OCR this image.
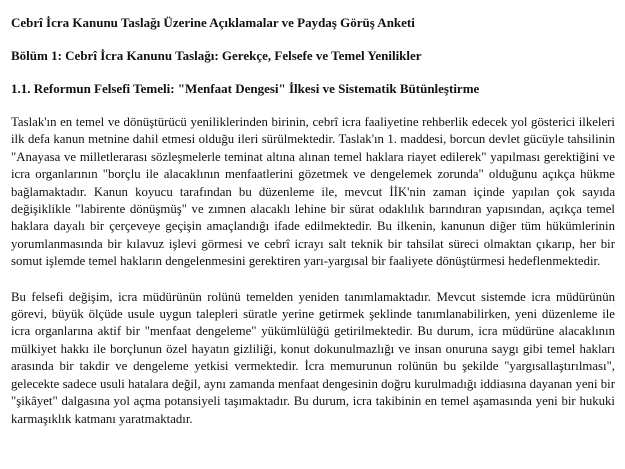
Cebrî İcra Kanunu Taslağı Üzerine Açıklamalar ve Paydaş Görüş Anketi
Bölüm 1: Cebrî İcra Kanunu Taslağı: Gerekçe, Felsefe ve Temel Yenilikler
1.1. Reformun Felsefi Temeli: "Menfaat Dengesi" İlkesi ve Sistematik Bütünleştirme

Taslak'ın en temel ve dönüştürücü yeniliklerinden birinin, cebrî icra faaliyetine rehberlik edecek yol gösterici ilkeleri ilk defa kanun metnine dahil etmesi olduğu ileri sürülmektedir. Taslak'ın 1. maddesi, borcun devlet gücüyle tahsilinin "Anayasa ve milletlerarası sözleşmelerle teminat altına alınan temel haklara riayet edilerek" yapılması gerektiğini ve icra organlarının "borçlu ile alacaklının menfaatlerini gözetmek ve dengelemek zorunda" olduğunu açıkça hükme bağlamaktadır. Kanun koyucu tarafından bu düzenleme ile, mevcut İİK'nin zaman içinde yapılan çok sayıda değişiklikle "labirente dönüşmüş" ve zımnen alacaklı lehine bir sürat odaklılık barındıran yapısından, açıkça temel haklara dayalı bir çerçeveye geçişin amaçlandığı ifade edilmektedir. Bu ilkenin, kanunun diğer tüm hükümlerinin yorumlanmasında bir kılavuz işlevi görmesi ve cebrî icrayı salt teknik bir tahsilat süreci olmaktan çıkarıp, her bir somut işlemde temel hakların dengelenmesini gerektiren yarı-yargısal bir faaliyete dönüştürmesi hedeflenmektedir.

Bu felsefi değişim, icra müdürünün rolünü temelden yeniden tanımlamaktadır. Mevcut sistemde icra müdürünün görevi, büyük ölçüde usule uygun talepleri süratle yerine getirmek şeklinde tanımlanabilirken, yeni düzenleme ile icra organlarına aktif bir "menfaat dengeleme" yükümlülüğü getirilmektedir. Bu durum, icra müdürüne alacaklının mülkiyet hakkı ile borçlunun özel hayatın gizliliği, konut dokunulmazlığı ve insan onuruna saygı gibi temel hakları arasında bir takdir ve dengeleme yetkisi vermektedir. İcra memurunun rolünün bu şekilde "yargısallaştırılması", gelecekte sadece usuli hatalara değil, aynı zamanda menfaat dengesinin doğru kurulmadığı iddiasına dayanan yeni bir "şikâyet" dalgasına yol açma potansiyeli taşımaktadır. Bu durum, icra takibinin en temel aşamasında yeni bir hukuki karmaşıklık katmanı yaratmaktadır.
